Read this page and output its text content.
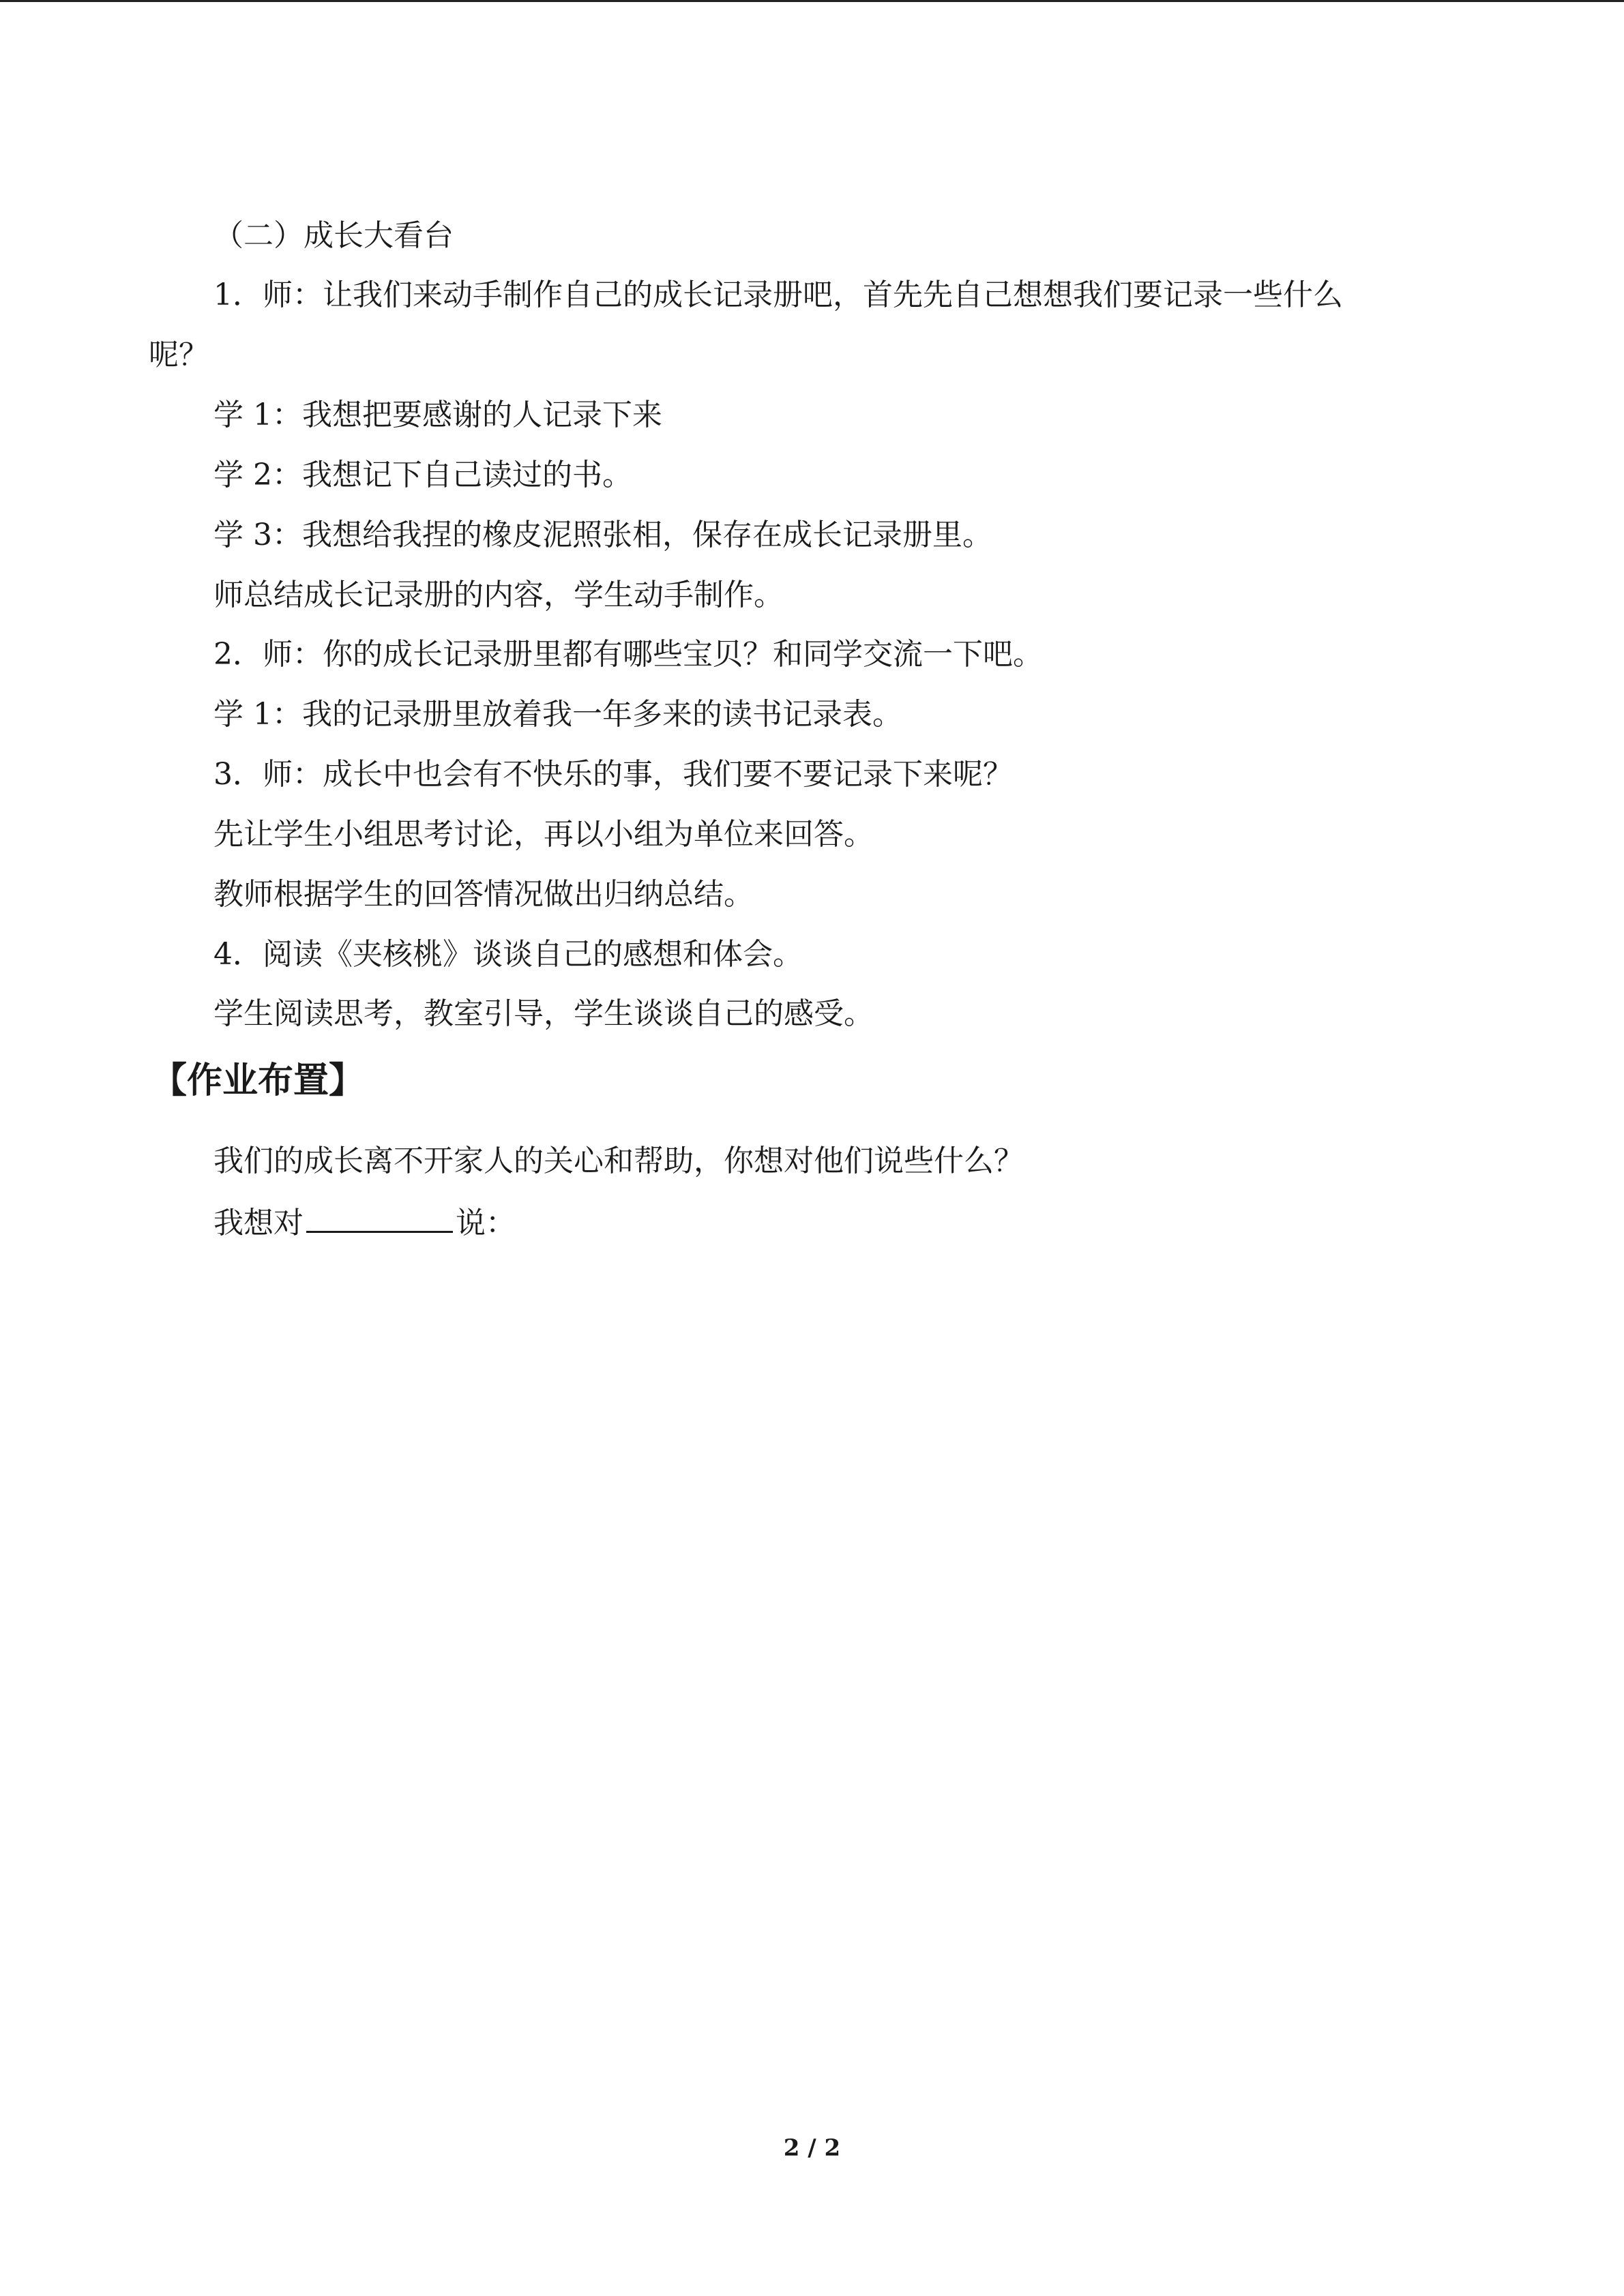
（二）成长大看台
1．师：让我们来动手制作自己的成长记录册吧，首先先自己想想我们要记录一些什么
呢？
学 1：我想把要感谢的人记录下来
学 2：我想记下自己读过的书。
学 3：我想给我捏的橡皮泥照张相，保存在成长记录册里。
师总结成长记录册的内容，学生动手制作。
2．师：你的成长记录册里都有哪些宝贝？和同学交流一下吧。
学 1：我的记录册里放着我一年多来的读书记录表。
3．师：成长中也会有不快乐的事，我们要不要记录下来呢？
先让学生小组思考讨论，再以小组为单位来回答。
教师根据学生的回答情况做出归纳总结。
4．阅读《夹核桃》谈谈自己的感想和体会。
学生阅读思考，教室引导，学生谈谈自己的感受。
【作业布置】
我们的成长离不开家人的关心和帮助，你想对他们说些什么？
我想对	说：
2 / 2
